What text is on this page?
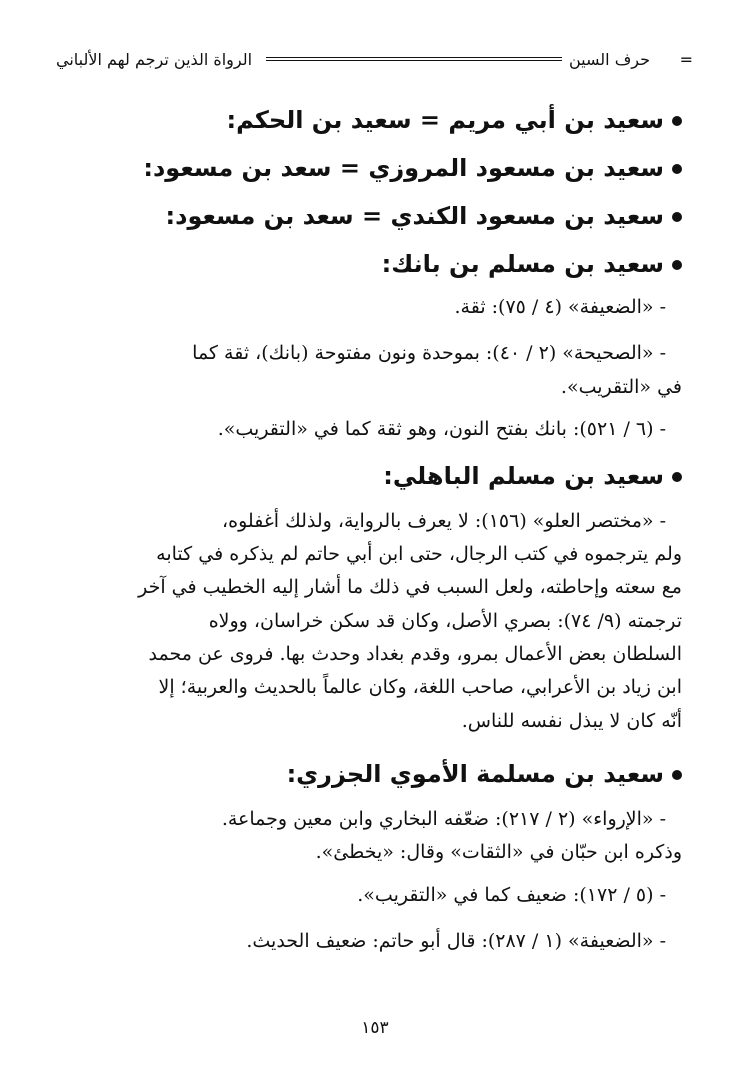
=
حرف السين
الرواة الذين ترجم لهم الألباني
سعيد بن أبي مريم = سعيد بن الحكم:
سعيد بن مسعود المروزي = سعد بن مسعود:
سعيد بن مسعود الكندي = سعد بن مسعود:
سعيد بن مسلم بن بانك:
- «الضعيفة» (٤ / ٧٥): ثقة.
- «الصحيحة» (٢ / ٤٠): بموحدة ونون مفتوحة (بانك)، ثقة كما
في «التقريب».
- (٦ / ٥٢١): بانك بفتح النون، وهو ثقة كما في «التقريب».
سعيد بن مسلم الباهلي:
- «مختصر العلو» (١٥٦): لا يعرف بالرواية، ولذلك أغفلوه،
ولم يترجموه في كتب الرجال، حتى ابن أبي حاتم لم يذكره في كتابه
مع سعته وإحاطته، ولعل السبب في ذلك ما أشار إليه الخطيب في آخر
ترجمته (٩/ ٧٤): بصري الأصل، وكان قد سكن خراسان، وولاه
السلطان بعض الأعمال بمرو، وقدم بغداد وحدث بها. فروى عن محمد
ابن زياد بن الأعرابي، صاحب اللغة، وكان عالماً بالحديث والعربية؛ إلا
أنّه كان لا يبذل نفسه للناس.
سعيد بن مسلمة الأموي الجزري:
- «الإرواء» (٢ / ٢١٧): ضعّفه البخاري وابن معين وجماعة.
وذكره ابن حبّان في «الثقات» وقال: «يخطئ».
- (٥ / ١٧٢): ضعيف كما في «التقريب».
- «الضعيفة» (١ / ٢٨٧): قال أبو حاتم: ضعيف الحديث.
١٥٣
